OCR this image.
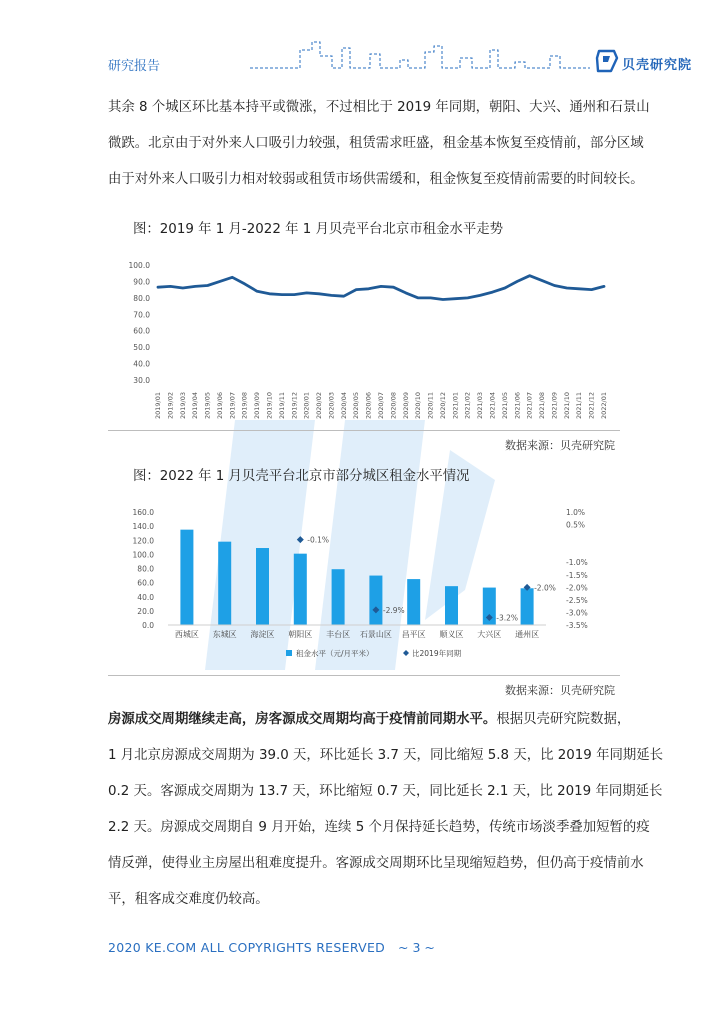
研究报告	贝壳研究院
其余 8 个城区环比基本持平或微涨，不过相比于 2019 年同期，朝阳、大兴、通州和石景山
微跌。北京由于对外来人口吸引力较强，租赁需求旺盛，租金基本恢复至疫情前，部分区域
由于对外来人口吸引力相对较弱或租赁市场供需缓和，租金恢复至疫情前需要的时间较长。
图：2019 年 1 月-2022 年 1 月贝壳平台北京市租金水平走势
100.0
90.0
80.0
70.0
60.0
50.0
40.0
30.0
2019/01 2019/02 2019/03 2019/04 2019/05 2019/06 2019/07 2019/08 2019/09 2019/10 2019/11 2019/12 2020/01 2020/02 2020/03 2020/04 2020/05 2020/06 2020/07 2020/08 2020/09 2020/10 2020/11 2020/12 2021/01 2021/02 2021/03 2021/04 2021/05 2021/06 2021/07 2021/08 2021/09 2021/10 2021/11 2021/12 2022/01
数据来源：贝壳研究院
图：2022 年 1 月贝壳平台北京市部分城区租金水平情况
160.0
140.0
120.0
100.0
80.0
60.0
40.0
20.0
0.0
1.0%
0.5%
-1.0%
-1.5%
-2.0%
-2.5%
-3.0%
-3.5%
-0.1%
-2.9%
-3.2%
-2.0%
西城区 东城区 海淀区 朝阳区 丰台区 石景山区 昌平区 顺义区 大兴区 通州区
租金水平（元/月平米）	比2019年同期
数据来源：贝壳研究院
房源成交周期继续走高，房客源成交周期均高于疫情前同期水平。根据贝壳研究院数据，
1 月北京房源成交周期为 39.0 天，环比延长 3.7 天，同比缩短 5.8 天，比 2019 年同期延长
0.2 天。客源成交周期为 13.7 天，环比缩短 0.7 天，同比延长 2.1 天，比 2019 年同期延长
2.2 天。房源成交周期自 9 月开始，连续 5 个月保持延长趋势，传统市场淡季叠加短暂的疫
情反弹，使得业主房屋出租难度提升。客源成交周期环比呈现缩短趋势，但仍高于疫情前水
平，租客成交难度仍较高。
2020 KE.COM ALL COPYRIGHTS RESERVED ~ 3 ~
